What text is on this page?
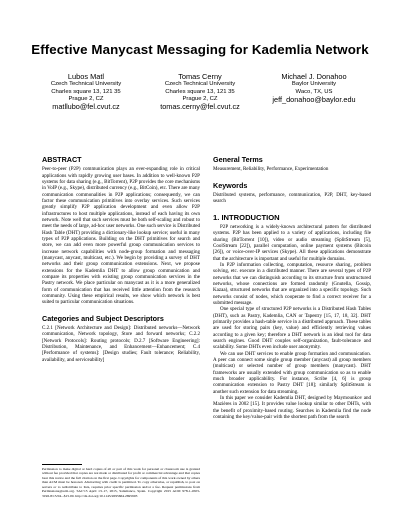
Effective Manycast Messaging for Kademlia Network
Lubos Matl
Czech Technical University
Charles square 13, 121 35
Prague 2, CZ
matllubo@fel.cvut.cz
Tomas Cerny
Czech Technical University
Charles square 13, 121 35
Prague 2, CZ
tomas.cerny@fel.cvut.cz
Michael J. Donahoo
Baylor University
Waco, TX, US
jeff_donahoo@baylor.edu
ABSTRACT

Peer-to-peer (P2P) communication plays an ever-expanding role in critical applications with rapidly growing user bases. In addition to well-known P2P systems for data sharing (e.g., BitTorrent), P2P provides the core mechanisms in VoIP (e.g., Skype), distributed currency (e.g., BitCoin), etc. There are many communication commonalities in P2P applications; consequently, we can factor these communication primitives into overlay services. Such services greatly simplify P2P application development and even allow P2P infrastructures to host multiple applications, instead of each having its own network. Note well that such services must be both self-scaling and robust to meet the needs of large, ad-hoc user networks. One such service is Distributed Hash Table (DHT) providing a dictionary-like lookup service; useful in many types of P2P applications. Building on the DHT primitives for search and store, we can add even more powerful group communication services to increase network capabilities with node-group formation and messaging (manycast, anycast, multicast, etc.). We begin by providing a survey of DHT networks and their group communication extensions. Next, we propose extensions for the Kademlia DHT to allow group communication and compare its properties with existing group communication services in the Pastry network. We place particular on manycast as it is a more generalized form of communication that has received little attention from the research community. Using these empirical results, we show which network is best suited to particular communication situations.

Categories and Subject Descriptors

C.2.1 [Network Architecture and Design]: Distributed networks—Network communication, Network topology, Store and forward networks; C.2.2 [Network Protocols]: Routing protocols; D.2.7 [Software Engineering]: Distribution, Maintenance, and Enhancement—Enhancement; C.4 [Performance of systems]: [Design studies; Fault tolerance; Reliability, availability, and serviceability]

Permission to make digital or hard copies of all or part of this work for personal or classroom use is granted without fee provided that copies are not made or distributed for profit or commercial advantage and that copies bear this notice and the full citation on the first page. Copyrights for components of this work owned by others than ACM must be honored. Abstracting with credit is permitted. To copy otherwise, or republish, to post on servers or to redistribute to lists, requires prior specific permission and/or a fee. Request permissions from Permissions@acm.org. SAC'15 April 13–17, 2015, Salamanca, Spain. Copyright 2015 ACM 978-1-4503-3196-8/15/04...$15.00. http://dx.doi.org/10.1145/2695664.2695903
General Terms

Measurement, Reliability, Performance, Experimentation

Keywords

Distributed systems, performance, communication, P2P, DHT, key-based search

1. INTRODUCTION

P2P networking is a widely-known architectural pattern for distributed systems. P2P has been applied to a variety of applications, including file sharing (BitTorrent [10]), video or audio streaming (SplitStream [5], CoolStream [22]), parallel computation, online payment systems (Bitcoin [26]), or voice-over-IP services (Skype). All these applications demonstrate that the architecture is important and useful for multiple domains.

In P2P information collecting, computation, resource sharing, problem solving, etc. execute in a distributed manner. There are several types of P2P networks that we can distinguish according to its structure from unstructured networks, whose connections are formed randomly (Gnutella, Gossip, Kazaa), structured networks that are organized into a specific topology. Such networks consist of nodes, which cooperate to find a correct receiver for a submitted message.

One special type of structured P2P networks is a Distributed Hash Tables (DHT), such as Pastry, Kademlia, CAN or Tapestry [15, 17, 18, 32]. DHT primarily provides a hash-table service in a distributed approach. These tables are used for storing pairs (key, value) and efficiently retrieving values according to a given key; therefore a DHT network is an ideal tool for data search engines. Good DHT couples self-organization, fault-tolerance and scalability. Some DHTs even include user anonymity.

We can use DHT services to enable group formation and communication. A peer can connect some single group member (anycast) all group members (multicast) or selected number of group members (manycast). DHT frameworks are usually extended with group communication so as to enable much broader applicability. For instance, Scribe [4, 6] is group communication extension to Pastry DHT [18]; similarly SplitStream is another such extension for data streaming.

In this paper we consider Kademlia DHT, designed by Maymounkov and Mazières in 2002 [15]. It provides value lookup similar to other DHTs, with the benefit of proximity-based routing. Searches in Kademlia find the node containing the key/value-pair with the shortest path from the search
